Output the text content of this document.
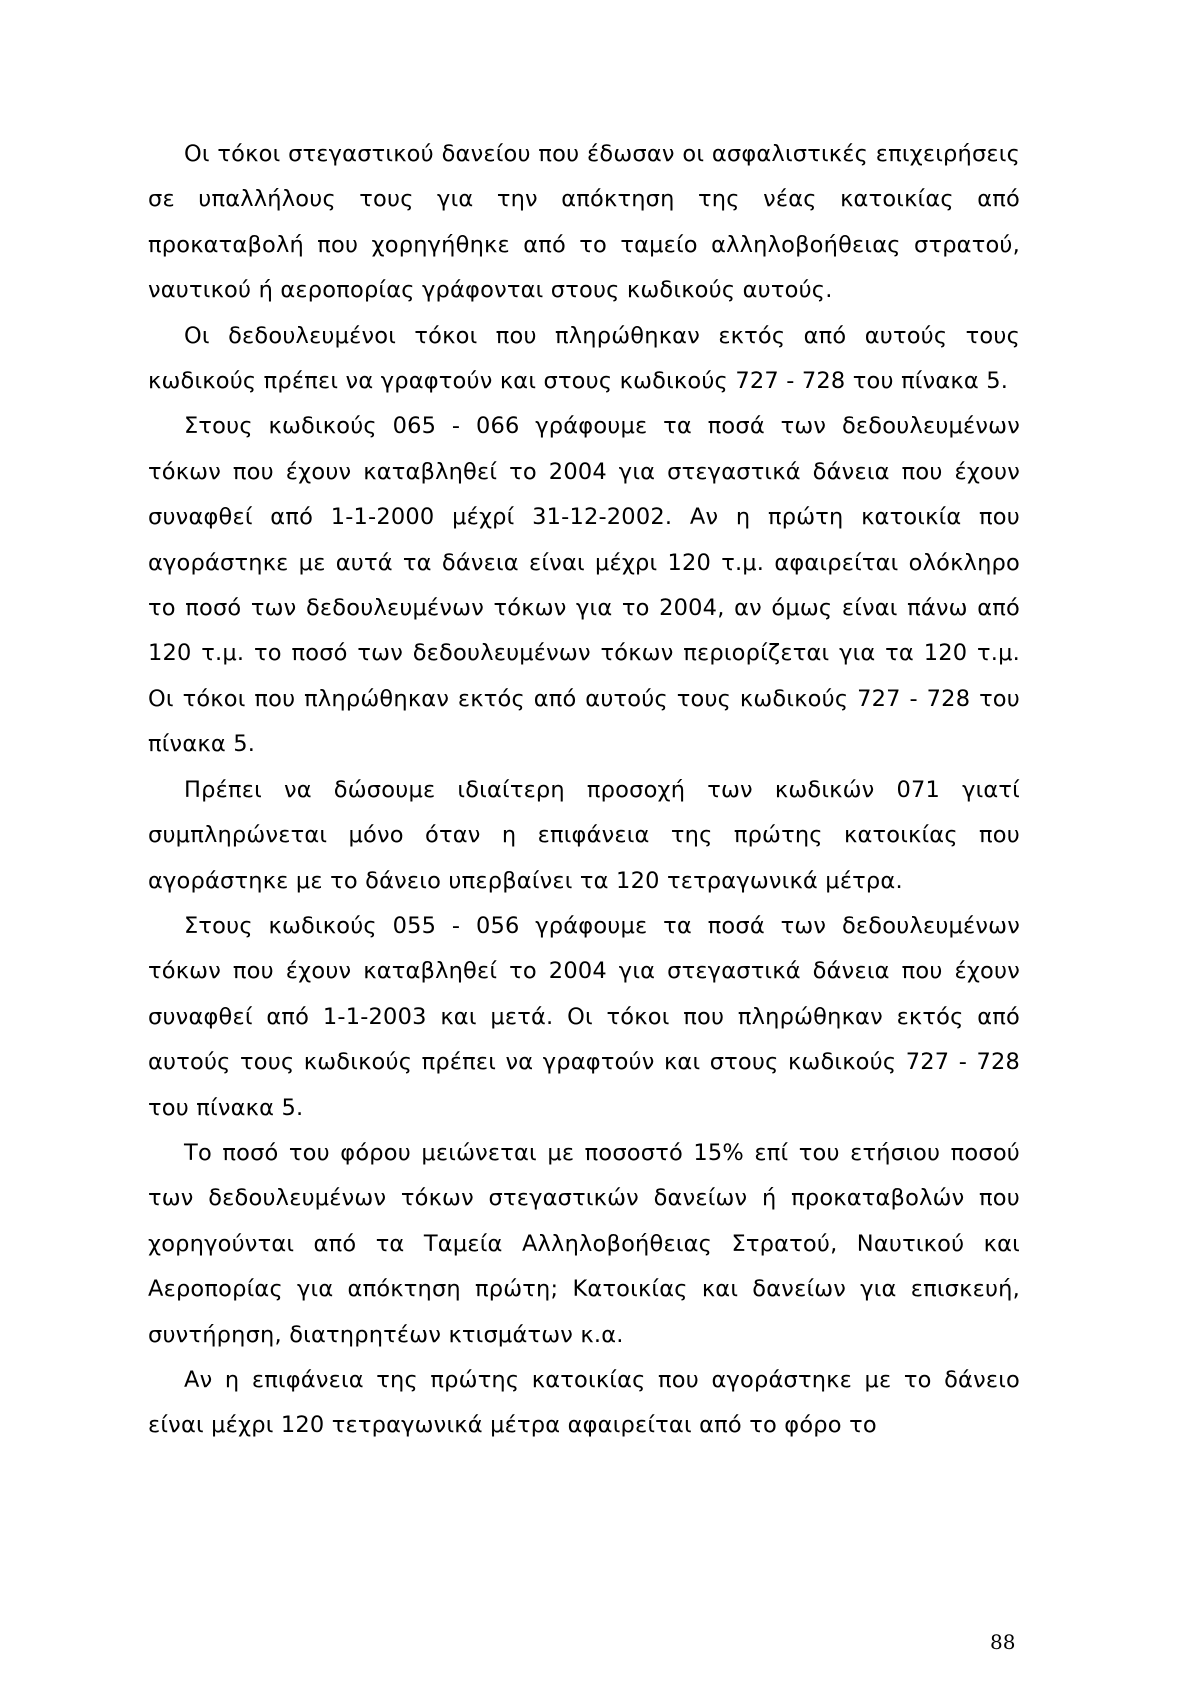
Οι τόκοι στεγαστικού δανείου που έδωσαν οι ασφαλιστικές επιχειρήσεις σε υπαλλήλους τους για την απόκτηση της νέας κατοικίας από προκαταβολή που χορηγήθηκε από το ταμείο αλληλοβοήθειας στρατού, ναυτικού ή αεροπορίας γράφονται στους κωδικούς αυτούς.

Οι δεδουλευμένοι τόκοι που πληρώθηκαν εκτός από αυτούς τους κωδικούς πρέπει να γραφτούν και στους κωδικούς 727 - 728 του πίνακα 5.

Στους κωδικούς 065 - 066 γράφουμε τα ποσά των δεδουλευμένων τόκων που έχουν καταβληθεί το 2004 για στεγαστικά δάνεια που έχουν συναφθεί από 1-1-2000 μέχρί 31-12-2002. Αν η πρώτη κατοικία που αγοράστηκε με αυτά τα δάνεια είναι μέχρι 120 τ.μ. αφαιρείται ολόκληρο το ποσό των δεδουλευμένων τόκων για το 2004, αν όμως είναι πάνω από 120 τ.μ. το ποσό των δεδουλευμένων τόκων περιορίζεται για τα 120 τ.μ. Οι τόκοι που πληρώθηκαν εκτός από αυτούς τους κωδικούς 727 - 728 του πίνακα 5.

Πρέπει να δώσουμε ιδιαίτερη προσοχή των κωδικών 071 γιατί συμπληρώνεται μόνο όταν η επιφάνεια της πρώτης κατοικίας που αγοράστηκε με το δάνειο υπερβαίνει τα 120 τετραγωνικά μέτρα.

Στους κωδικούς 055 - 056 γράφουμε τα ποσά των δεδουλευμένων τόκων που έχουν καταβληθεί το 2004 για στεγαστικά δάνεια που έχουν συναφθεί από 1-1-2003 και μετά. Οι τόκοι που πληρώθηκαν εκτός από αυτούς τους κωδικούς πρέπει να γραφτούν και στους κωδικούς 727 - 728 του πίνακα 5.

Το ποσό του φόρου μειώνεται με ποσοστό 15% επί του ετήσιου ποσού των δεδουλευμένων τόκων στεγαστικών δανείων ή προκαταβολών που χορηγούνται από τα Ταμεία Αλληλοβοήθειας Στρατού, Ναυτικού και Αεροπορίας για απόκτηση πρώτη; Κατοικίας και δανείων για επισκευή, συντήρηση, διατηρητέων κτισμάτων κ.α.

Αν η επιφάνεια της πρώτης κατοικίας που αγοράστηκε με το δάνειο είναι μέχρι 120 τετραγωνικά μέτρα αφαιρείται από το φόρο το

88
